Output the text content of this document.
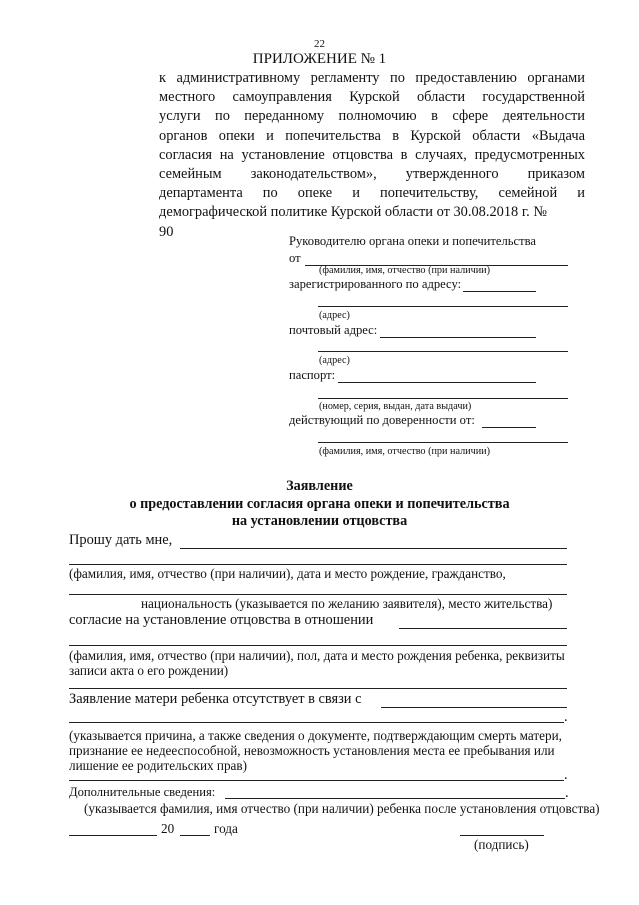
22
ПРИЛОЖЕНИЕ № 1
к административному регламенту по предоставлению органами
местного самоуправления Курской области государственной
услуги по переданному полномочию в сфере деятельности
органов опеки и попечительства в Курской области «Выдача
согласия на установление отцовства в случаях, предусмотренных
семейным законодательством», утвержденного приказом
департамента по опеке и попечительству, семейной и
демографической политике Курской области от 30.08.2018 г. №
90
Руководителю органа опеки и попечительства
от
(фамилия, имя, отчество (при наличии)
зарегистрированного по адресу:
(адрес)
почтовый адрес:
(адрес)
паспорт:
(номер, серия, выдан, дата выдачи)
действующий по доверенности от:
(фамилия, имя, отчество (при наличии)
Заявление
о предоставлении согласия органа опеки и попечительства
на установлении отцовства
Прошу дать мне,
(фамилия, имя, отчество (при наличии), дата и место рождение, гражданство,
национальность (указывается по желанию заявителя), место жительства)
согласие на установление отцовства в отношении
(фамилия, имя, отчество (при наличии), пол, дата и место рождения ребенка, реквизиты
записи акта о его рождении)
Заявление матери ребенка отсутствует в связи с
.
(указывается причина, а также сведения о документе, подтверждающим смерть матери,
признание ее недееспособной, невозможность установления места ее пребывания или
лишение ее родительских прав)
.
Дополнительные сведения:	.
(указывается фамилия, имя отчество (при наличии) ребенка после установления отцовства)
20	года
(подпись)
